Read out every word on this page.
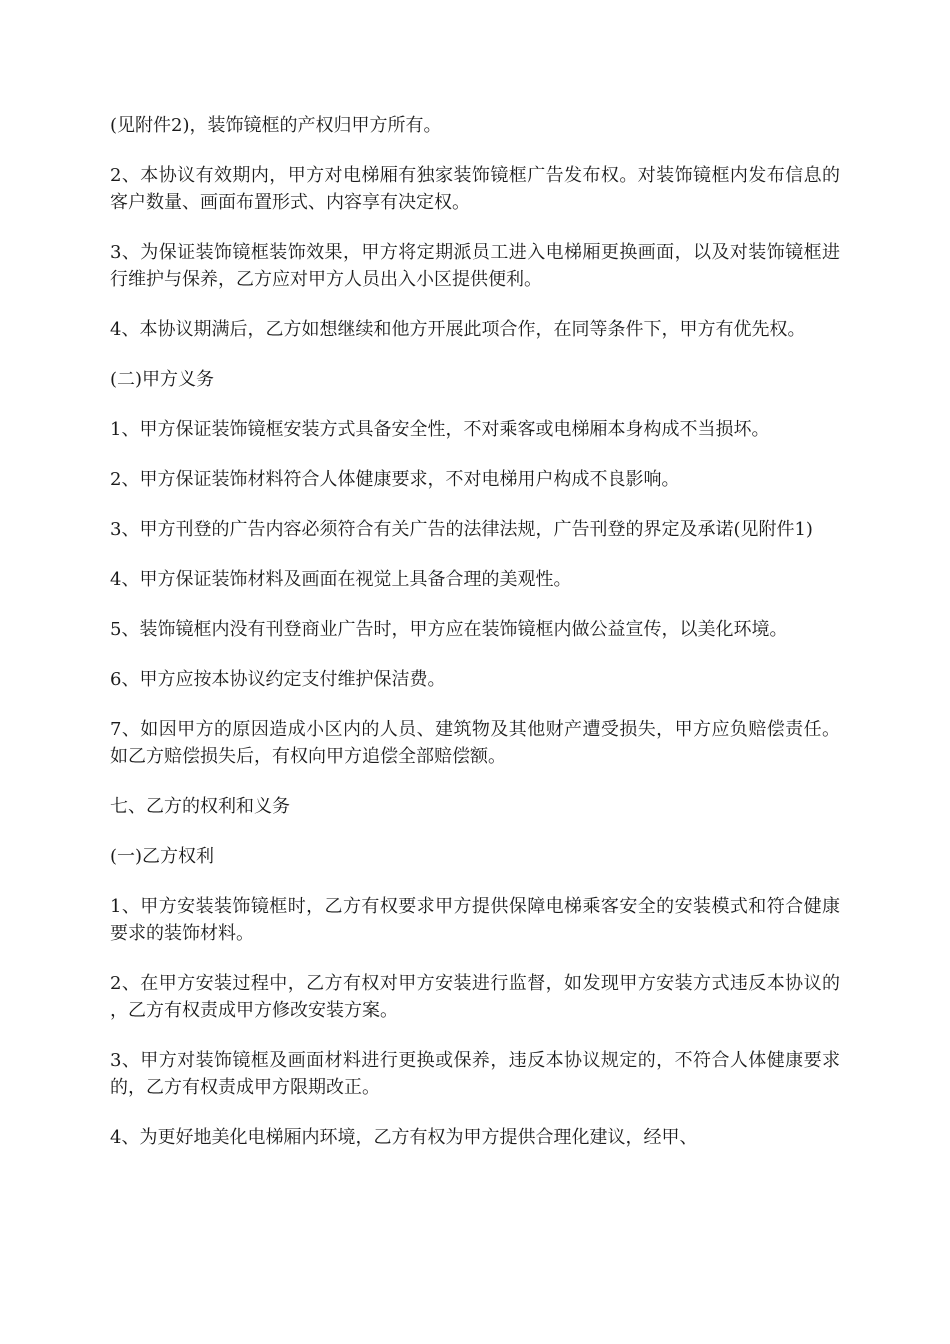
(见附件2)，装饰镜框的产权归甲方所有。

2、本协议有效期内，甲方对电梯厢有独家装饰镜框广告发布权。对装饰镜框内发布信息的客户数量、画面布置形式、内容享有决定权。

3、为保证装饰镜框装饰效果，甲方将定期派员工进入电梯厢更换画面，以及对装饰镜框进行维护与保养，乙方应对甲方人员出入小区提供便利。

4、本协议期满后，乙方如想继续和他方开展此项合作，在同等条件下，甲方有优先权。

(二)甲方义务

1、甲方保证装饰镜框安装方式具备安全性，不对乘客或电梯厢本身构成不当损坏。

2、甲方保证装饰材料符合人体健康要求，不对电梯用户构成不良影响。

3、甲方刊登的广告内容必须符合有关广告的法律法规，广告刊登的界定及承诺(见附件1)

4、甲方保证装饰材料及画面在视觉上具备合理的美观性。

5、装饰镜框内没有刊登商业广告时，甲方应在装饰镜框内做公益宣传，以美化环境。

6、甲方应按本协议约定支付维护保洁费。

7、如因甲方的原因造成小区内的人员、建筑物及其他财产遭受损失，甲方应负赔偿责任。如乙方赔偿损失后，有权向甲方追偿全部赔偿额。

七、乙方的权利和义务

(一)乙方权利

1、甲方安装装饰镜框时，乙方有权要求甲方提供保障电梯乘客安全的安装模式和符合健康要求的装饰材料。

2、在甲方安装过程中，乙方有权对甲方安装进行监督，如发现甲方安装方式违反本协议的，乙方有权责成甲方修改安装方案。

3、甲方对装饰镜框及画面材料进行更换或保养，违反本协议规定的，不符合人体健康要求的，乙方有权责成甲方限期改正。

4、为更好地美化电梯厢内环境，乙方有权为甲方提供合理化建议，经甲、
